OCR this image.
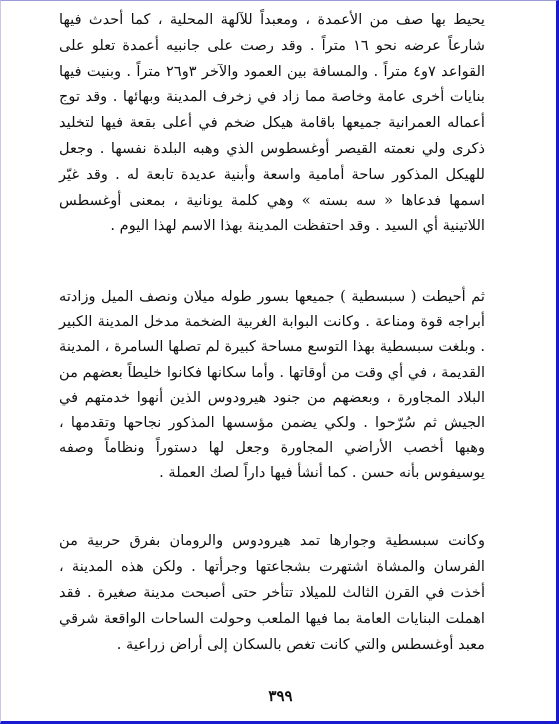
يحيط بها صف من الأعمدة ، ومعبداً للآلهة المحلية ، كما أحدث فيها شارعاً عرضه نحو ١٦ متراً . وقد رصت على جانبيه أعمدة تعلو على القواعد ٧و٤ متراً . والمسافة بين العمود والآخر ٣و٢٦ متراً . وبنيت فيها بنايات أخرى عامة وخاصة مما زاد في زخرف المدينة وبهائها . وقد توج أعماله العمرانية جميعها باقامة هيكل ضخم في أعلى بقعة فيها لتخليد ذكرى ولي نعمته القيصر أوغسطوس الذي وهبه البلدة نفسها . وجعل للهيكل المذكور ساحة أمامية واسعة وأبنية عديدة تابعة له . وقد غيّر اسمها فدعاها « سه بسته » وهي كلمة يونانية ، بمعنى أوغسطس اللاتينية أي السيد . وقد احتفظت المدينة بهذا الاسم لهذا اليوم .

ثم أحيطت ( سبسطية ) جميعها بسور طوله ميلان ونصف الميل وزادته أبراجه قوة ومناعة . وكانت البوابة الغربية الضخمة مدخل المدينة الكبير . وبلغت سبسطية بهذا التوسع مساحة كبيرة لم تصلها السامرة ، المدينة القديمة ، في أي وقت من أوقاتها . وأما سكانها فكانوا خليطاً بعضهم من البلاد المجاورة ، وبعضهم من جنود هيرودوس الذين أنهوا خدمتهم في الجيش ثم سُرّحوا . ولكي يضمن مؤسسها المذكور نجاحها وتقدمها ، وهبها أخصب الأراضي المجاورة وجعل لها دستوراً ونظاماً وصفه يوسيفوس بأنه حسن . كما أنشأ فيها داراً لصك العملة .

وكانت سبسطية وجوارها تمد هيرودوس والرومان بفرق حربية من الفرسان والمشاة اشتهرت بشجاعتها وجرأتها . ولكن هذه المدينة ، أخذت في القرن الثالث للميلاد تتأخر حتى أصبحت مدينة صغيرة . فقد اهملت البنايات العامة بما فيها الملعب وحولت الساحات الواقعة شرقي معبد أوغسطس والتي كانت تغص بالسكان إلى أراض زراعية .

٣٩٩
